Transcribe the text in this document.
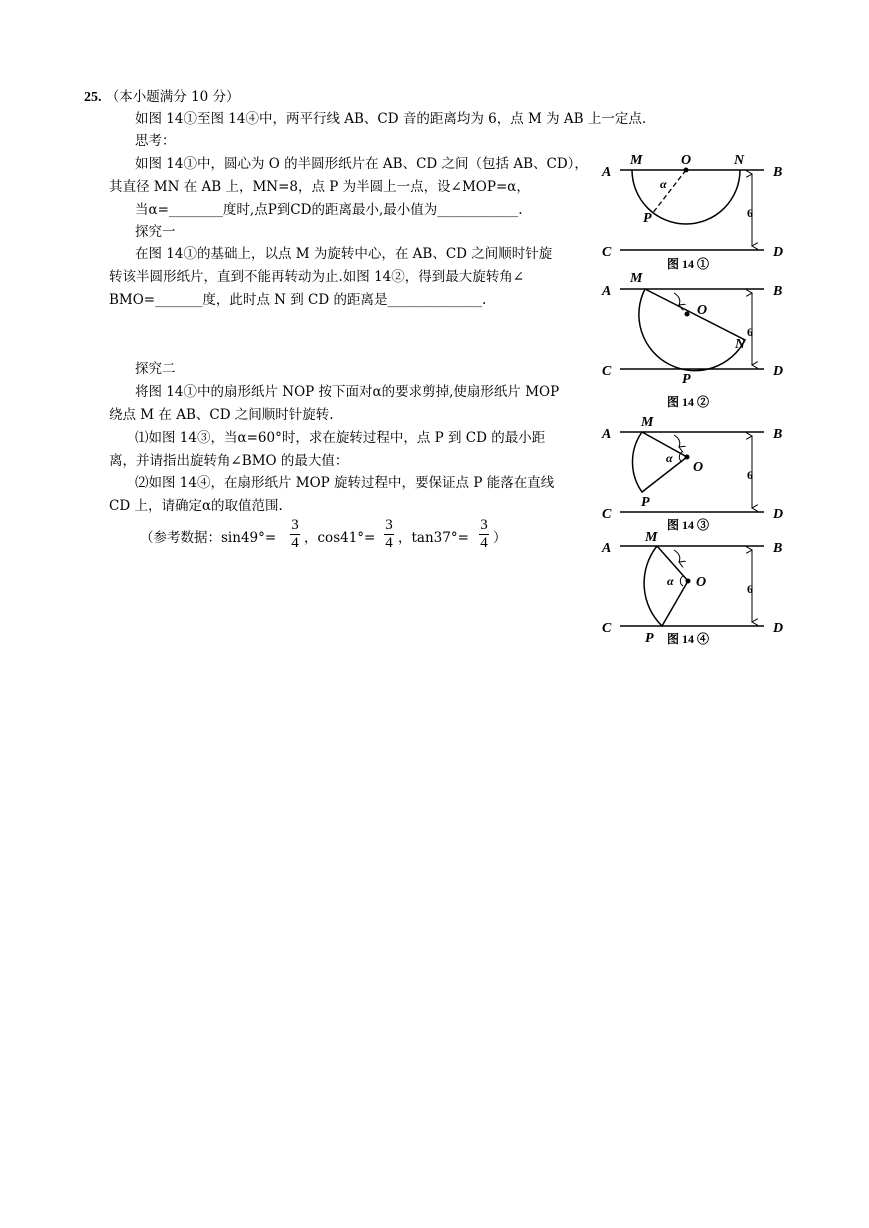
25. （本小题满分 10 分）
如图 14①至图 14④中，两平行线 AB、CD 音的距离均为 6，点 M 为 AB 上一定点.
思考：
如图 14①中，圆心为 O 的半圆形纸片在 AB、CD 之间（包括 AB、CD），
其直径 MN 在 AB 上，MN=8，点 P 为半圆上一点，设∠MOP=α，
当α=________度时,点P到CD的距离最小,最小值为____________.
探究一
在图 14①的基础上，以点 M 为旋转中心，在 AB、CD 之间顺时针旋
转该半圆形纸片，直到不能再转动为止.如图 14②，得到最大旋转角∠
BMO=_______度，此时点 N 到 CD 的距离是______________.
探究二
将图 14①中的扇形纸片 NOP 按下面对α的要求剪掉,使扇形纸片 MOP
绕点 M 在 AB、CD 之间顺时针旋转.
⑴如图 14③，当α=60°时，求在旋转过程中，点 P 到 CD 的最小距
离，并请指出旋转角∠BMO 的最大值：
⑵如图 14④，在扇形纸片 MOP 旋转过程中，要保证点 P 能落在直线
CD 上，请确定α的取值范围.
（参考数据：sin49°=
3
4 ，cos41°=
3
4 ，tan37°=
3
4 ）
A	B
C	D
M	O	N
P
α
6
图 14 ①
A	B
C	D
M
O
N
P
6
图 14 ②
A	B
C	D
M
O
P
α
6
图 14 ③
A	B
C	D
M
O
P
α
6
图 14 ④
